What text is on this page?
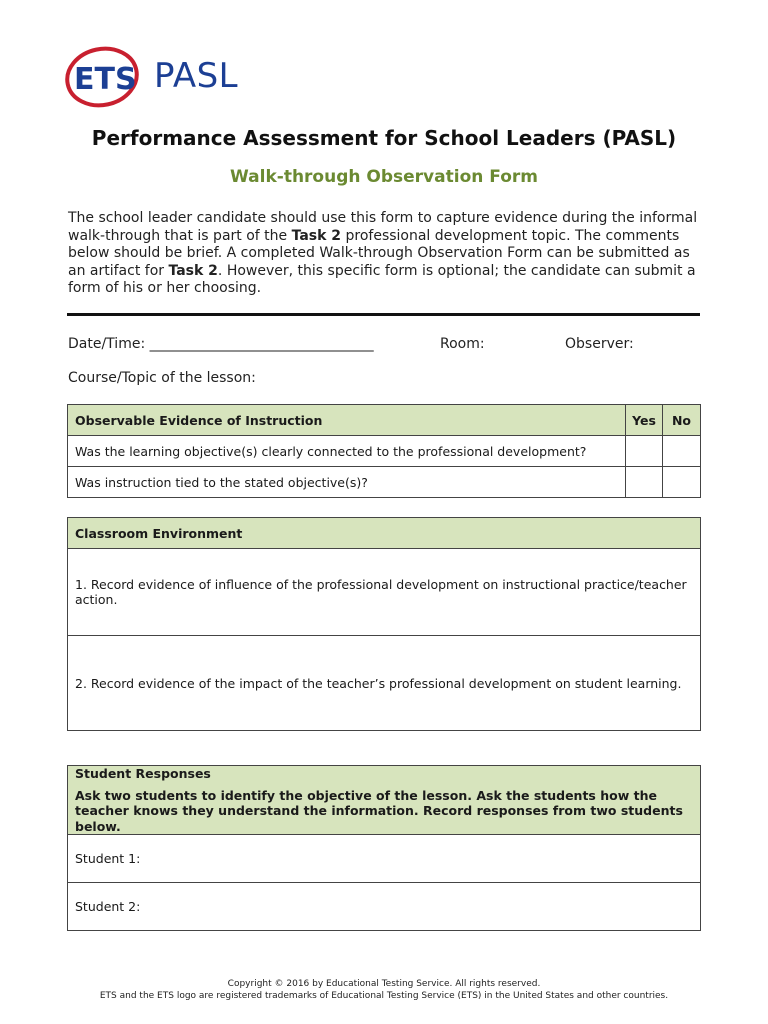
ETS PASL
Performance Assessment for School Leaders (PASL)
Walk-through Observation Form
The school leader candidate should use this form to capture evidence during the informal walk-through that is part of the Task 2 professional development topic. The comments below should be brief. A completed Walk-through Observation Form can be submitted as an artifact for Task 2. However, this specific form is optional; the candidate can submit a form of his or her choosing.
Date/Time: ________________________________	Room:	Observer:
Course/Topic of the lesson:
Observable Evidence of Instruction	Yes	No
Was the learning objective(s) clearly connected to the professional development?		
Was instruction tied to the stated objective(s)?		
Classroom Environment
1. Record evidence of influence of the professional development on instructional practice/teacher action.
2. Record evidence of the impact of the teacher’s professional development on student learning.
Student Responses
Ask two students to identify the objective of the lesson. Ask the students how the teacher knows they understand the information. Record responses from two students below.
Student 1:
Student 2:
Copyright © 2016 by Educational Testing Service. All rights reserved.
ETS and the ETS logo are registered trademarks of Educational Testing Service (ETS) in the United States and other countries.
